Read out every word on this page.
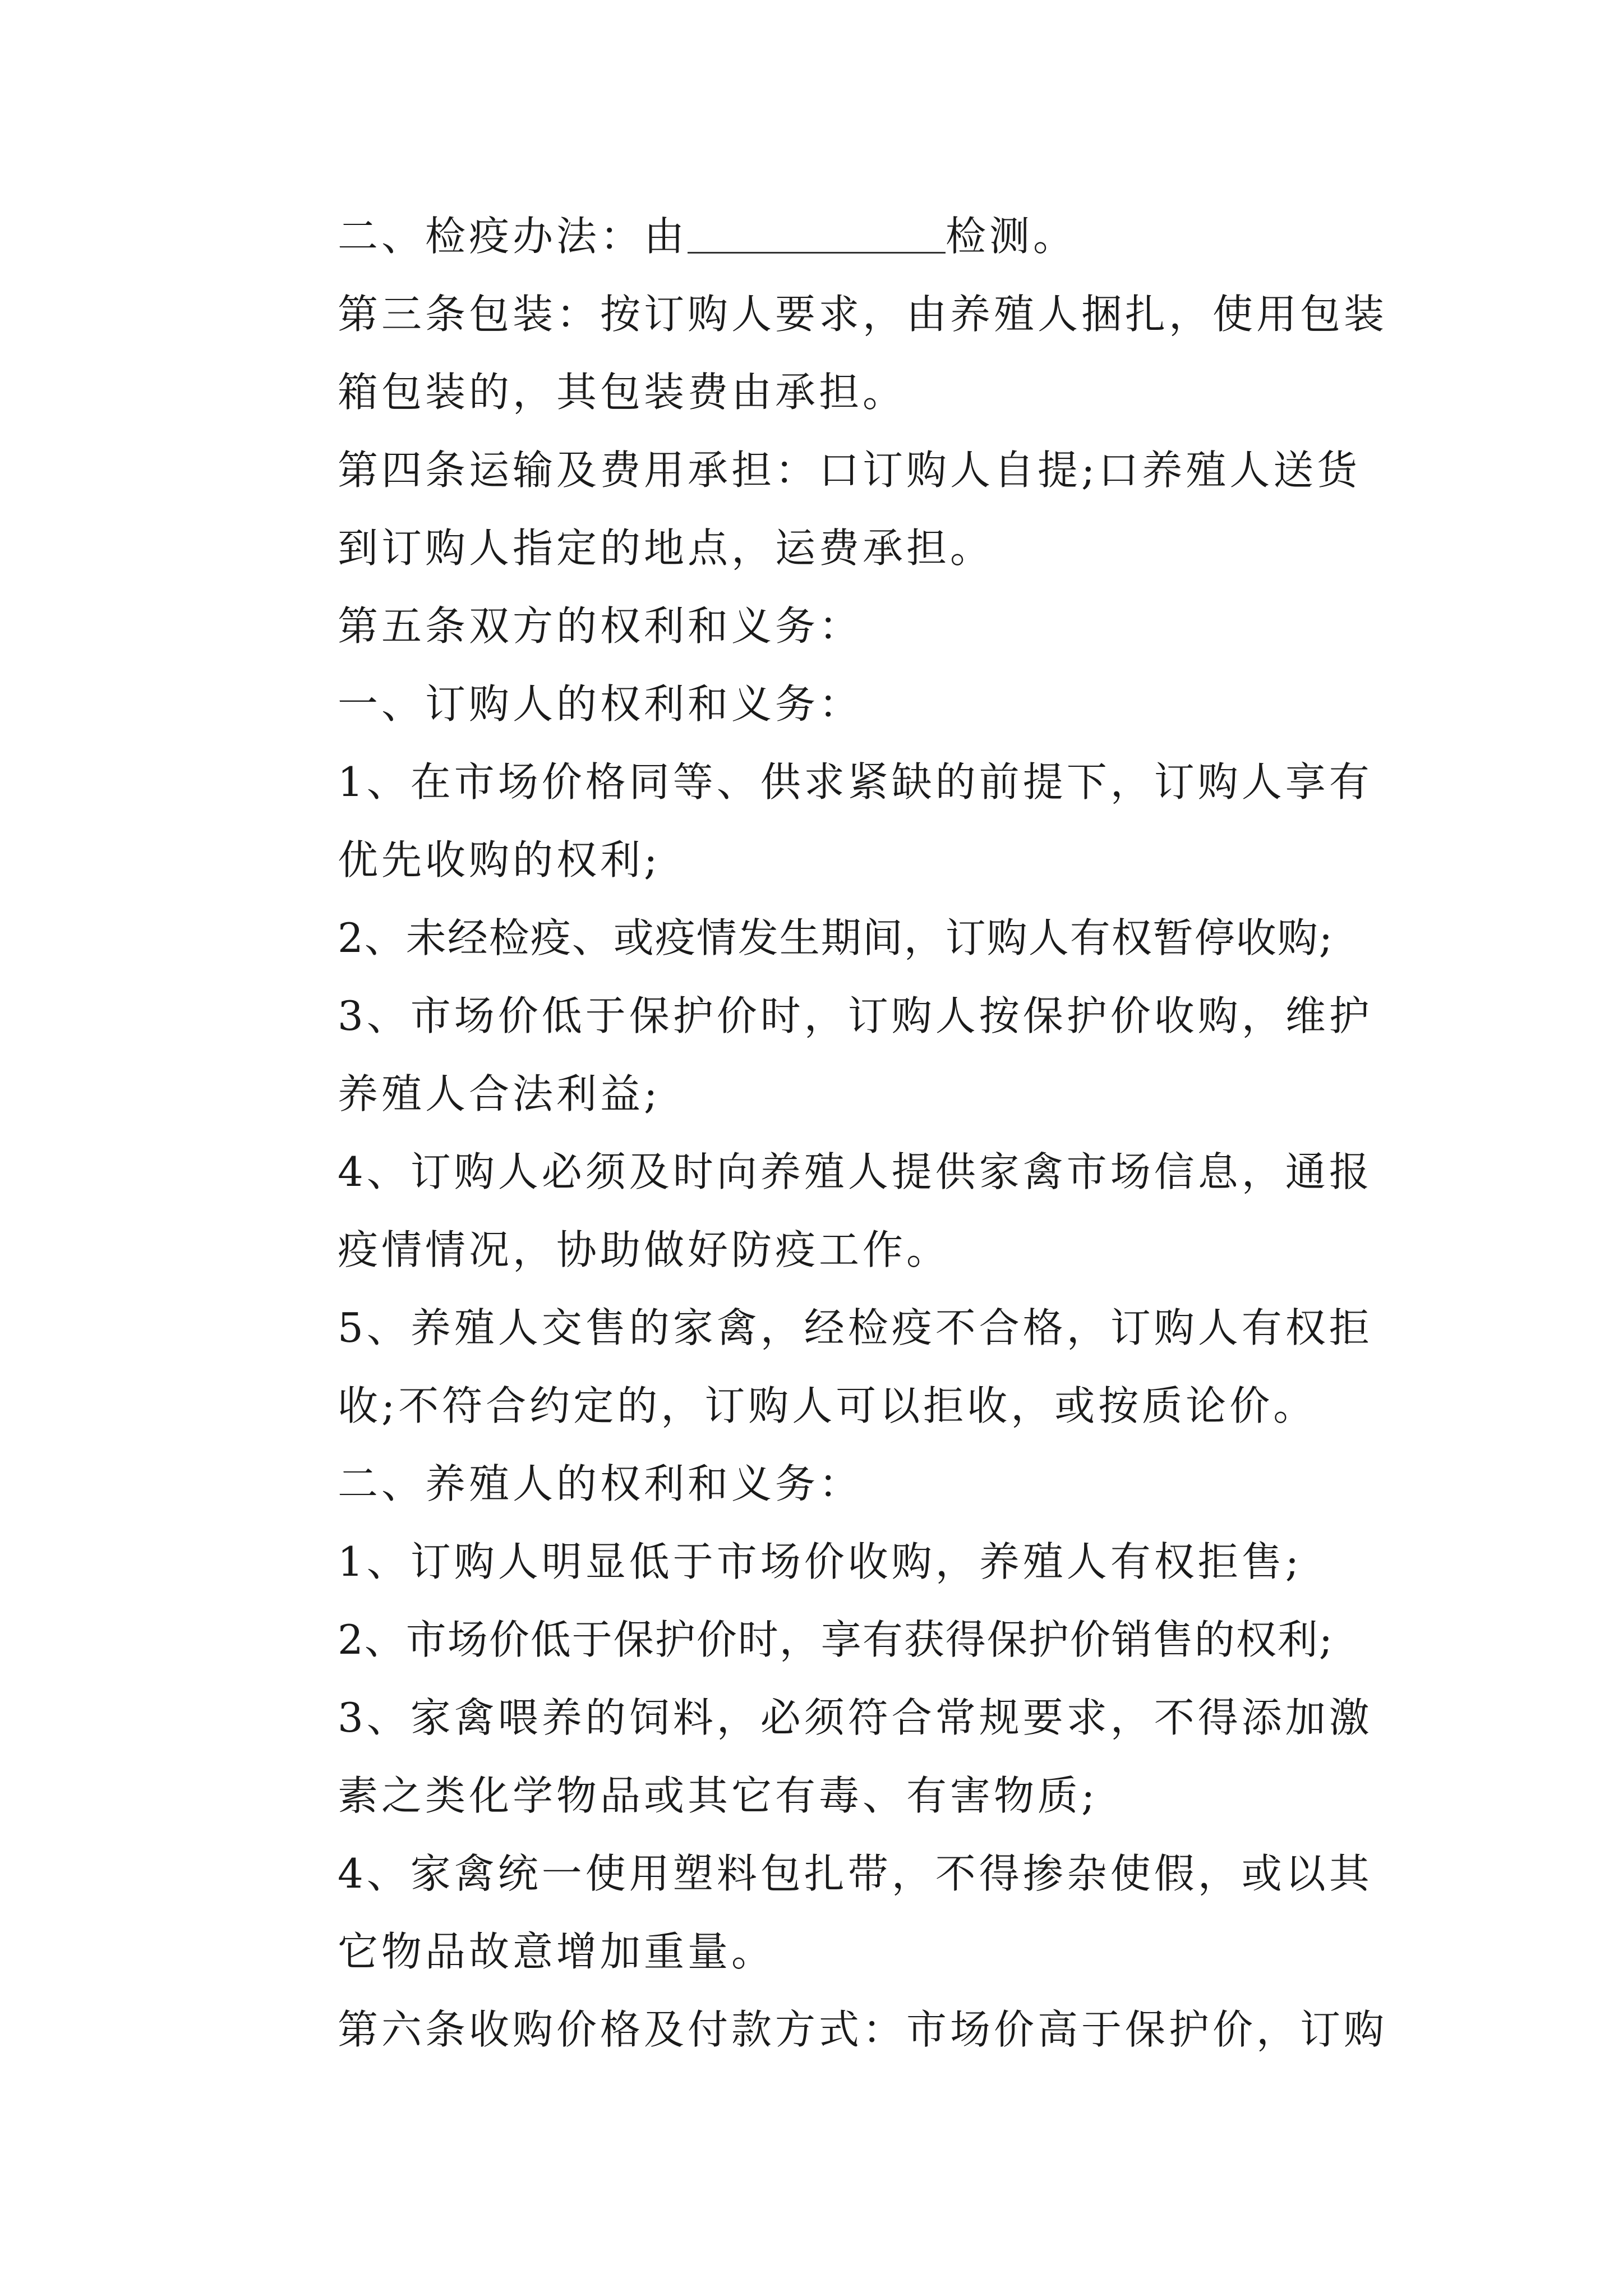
二、检疫办法：由	检测。

第三条包装：按订购人要求，由养殖人捆扎，使用包装箱包装的，其包装费由承担。

第四条运输及费用承担：口订购人自提;口养殖人送货到订购人指定的地点，运费承担。

第五条双方的权利和义务：

一、订购人的权利和义务：

1、在市场价格同等、供求紧缺的前提下，订购人享有优先收购的权利;

2、未经检疫、或疫情发生期间，订购人有权暂停收购;

3、市场价低于保护价时，订购人按保护价收购，维护养殖人合法利益;

4、订购人必须及时向养殖人提供家禽市场信息，通报疫情情况，协助做好防疫工作。

5、养殖人交售的家禽，经检疫不合格，订购人有权拒收;不符合约定的，订购人可以拒收，或按质论价。

二、养殖人的权利和义务：

1、订购人明显低于市场价收购，养殖人有权拒售;

2、市场价低于保护价时，享有获得保护价销售的权利;

3、家禽喂养的饲料，必须符合常规要求，不得添加激素之类化学物品或其它有毒、有害物质;

4、家禽统一使用塑料包扎带，不得掺杂使假，或以其它物品故意增加重量。

第六条收购价格及付款方式：市场价高于保护价，订购
